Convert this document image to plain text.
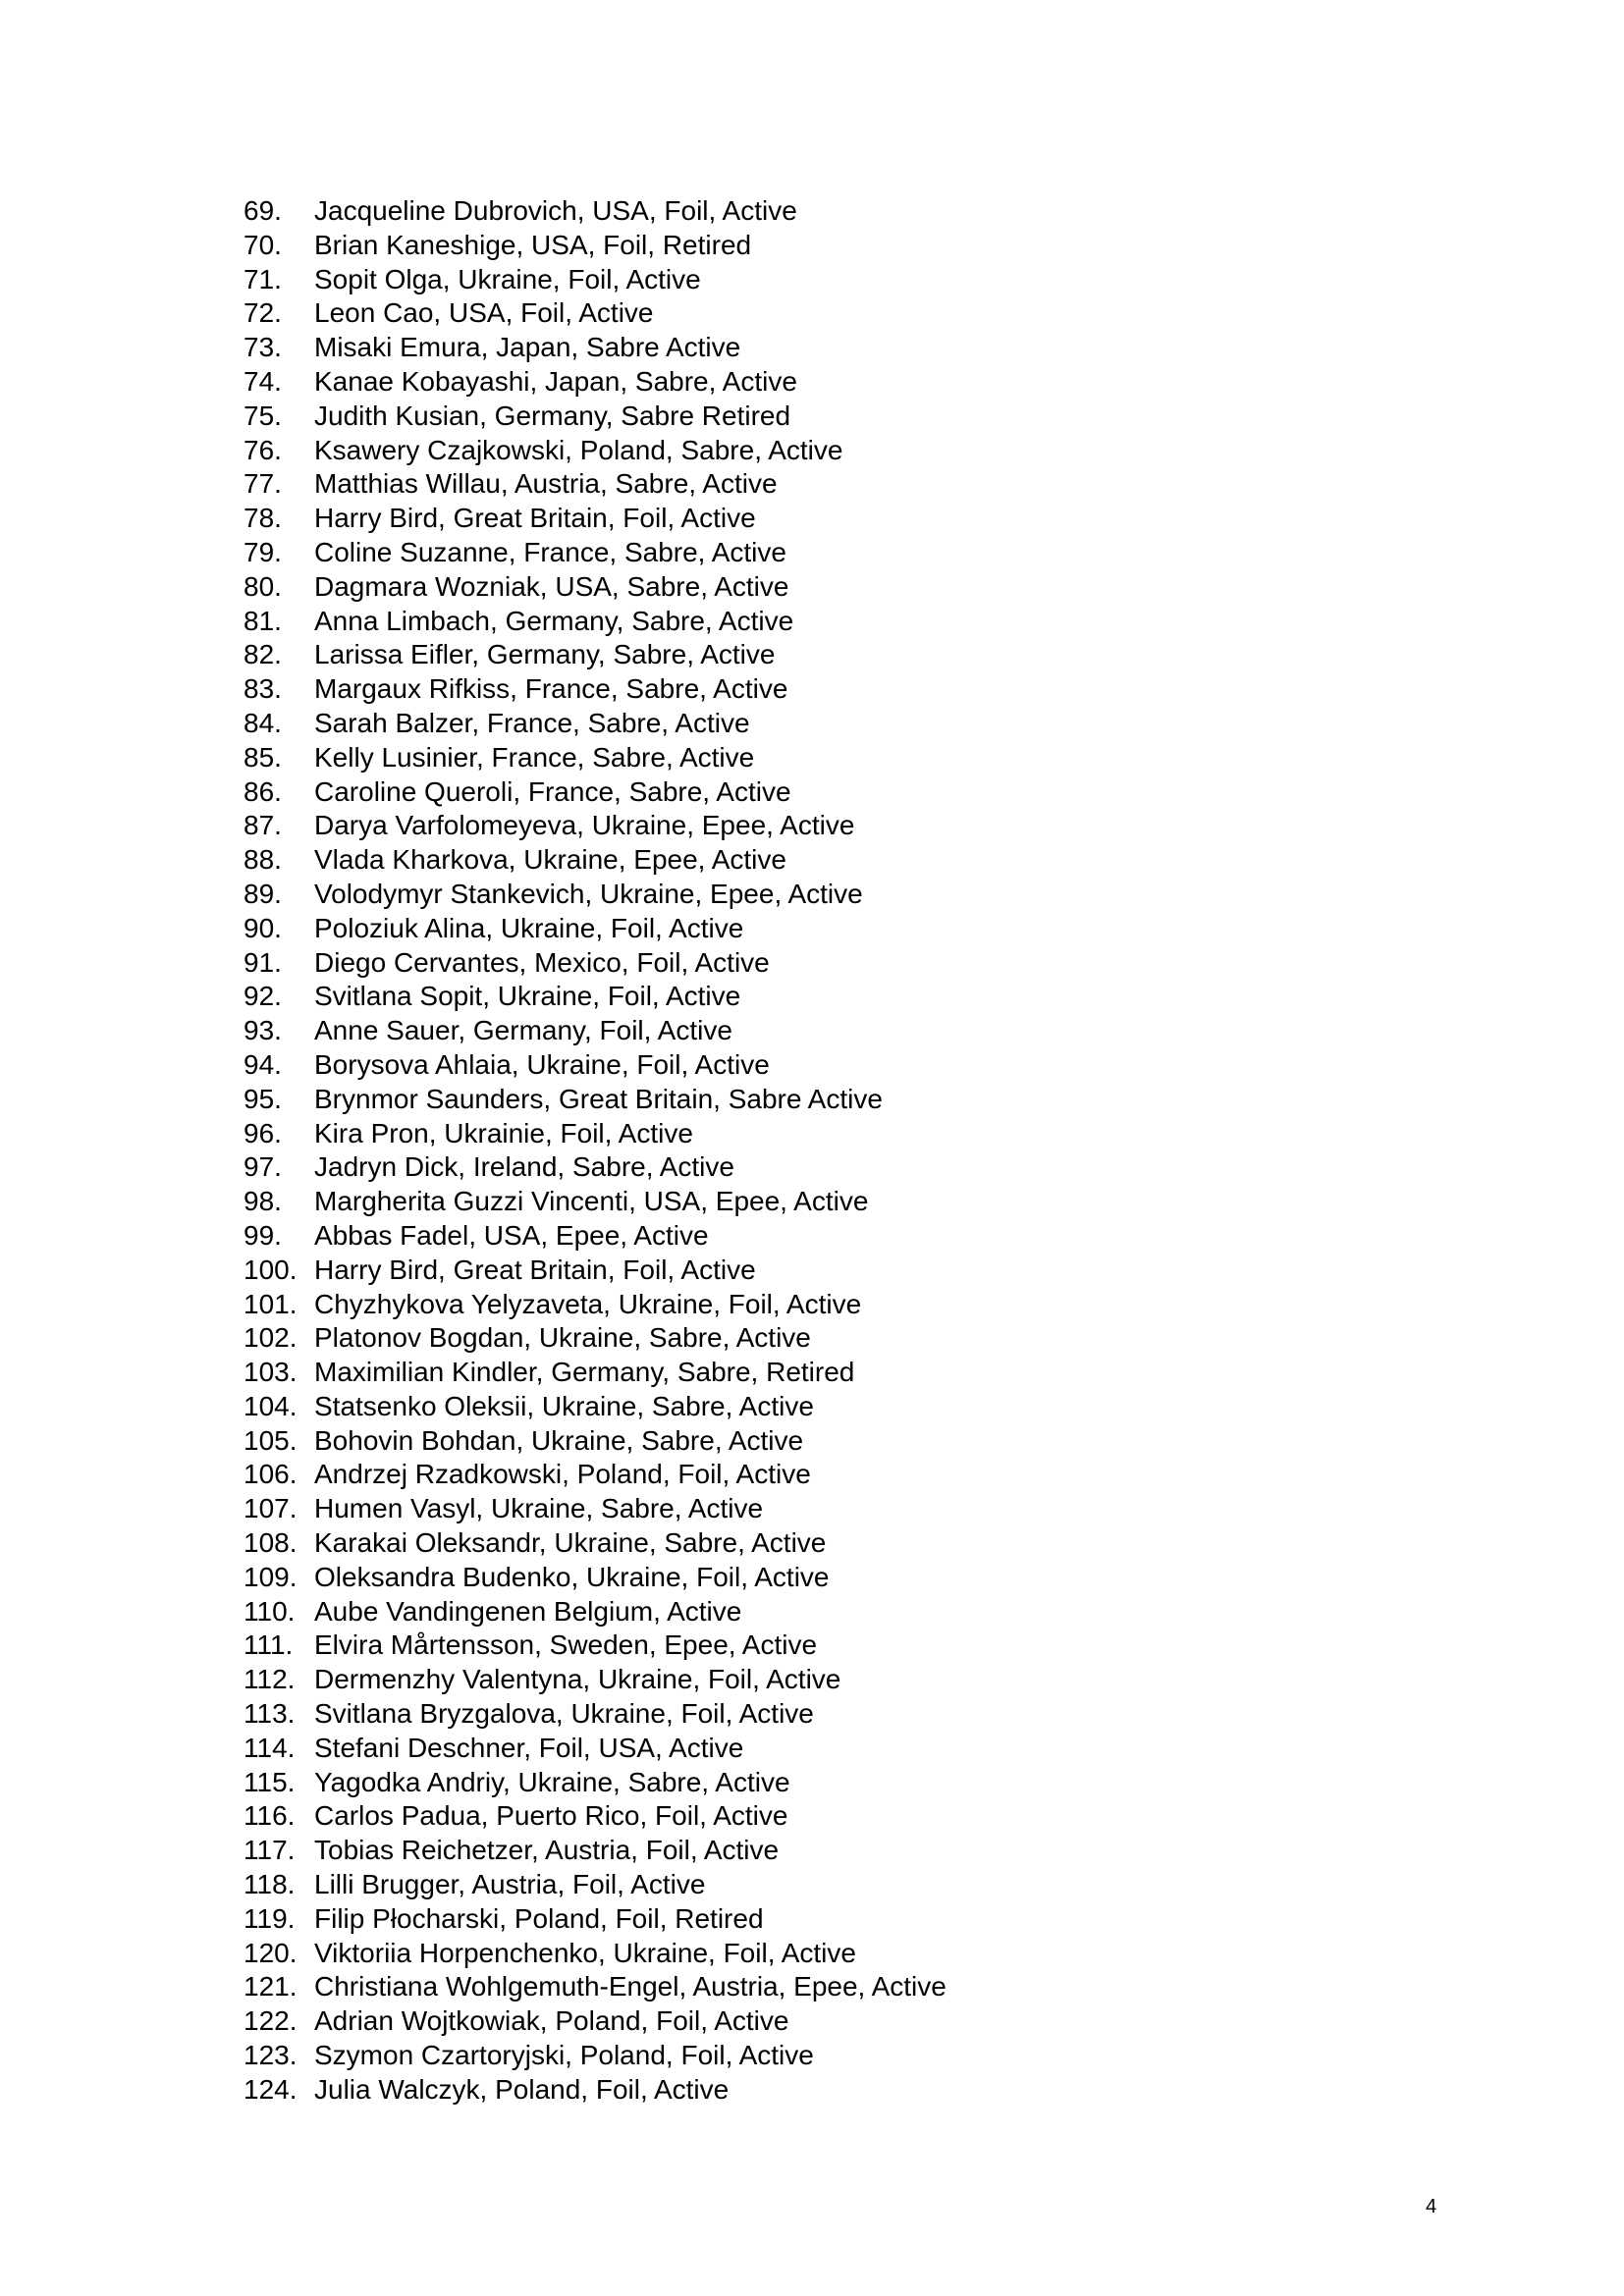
69.	Jacqueline Dubrovich, USA, Foil, Active
70.	Brian Kaneshige, USA, Foil, Retired
71.	Sopit Olga, Ukraine, Foil, Active
72.	Leon Cao, USA, Foil, Active
73.	Misaki Emura, Japan, Sabre Active
74.	Kanae Kobayashi, Japan, Sabre, Active
75.	Judith Kusian, Germany, Sabre Retired
76.	Ksawery Czajkowski, Poland, Sabre, Active
77.	Matthias Willau, Austria, Sabre, Active
78.	Harry Bird, Great Britain, Foil, Active
79.	Coline Suzanne, France, Sabre, Active
80.	Dagmara Wozniak, USA, Sabre, Active
81.	Anna Limbach, Germany, Sabre, Active
82.	Larissa Eifler, Germany, Sabre, Active
83.	Margaux Rifkiss, France, Sabre, Active
84.	Sarah Balzer, France, Sabre, Active
85.	Kelly Lusinier, France, Sabre, Active
86.	Caroline Queroli, France, Sabre, Active
87.	Darya Varfolomeyeva, Ukraine, Epee, Active
88.	Vlada Kharkova, Ukraine, Epee, Active
89.	Volodymyr Stankevich, Ukraine, Epee, Active
90.	Poloziuk Alina, Ukraine, Foil, Active
91.	Diego Cervantes, Mexico, Foil, Active
92.	Svitlana Sopit, Ukraine, Foil, Active
93.	Anne Sauer, Germany, Foil, Active
94.	Borysova Ahlaia, Ukraine, Foil, Active
95.	Brynmor Saunders, Great Britain, Sabre Active
96.	Kira Pron, Ukrainie, Foil, Active
97.	Jadryn Dick, Ireland, Sabre, Active
98.	Margherita Guzzi Vincenti, USA, Epee, Active
99.	Abbas Fadel, USA, Epee, Active
100. Harry Bird, Great Britain, Foil, Active
101. Chyzhykova Yelyzaveta, Ukraine, Foil, Active
102. Platonov Bogdan, Ukraine, Sabre, Active
103. Maximilian Kindler, Germany, Sabre, Retired
104. Statsenko Oleksii, Ukraine, Sabre, Active
105. Bohovin Bohdan, Ukraine, Sabre, Active
106. Andrzej Rzadkowski, Poland, Foil, Active
107. Humen Vasyl, Ukraine, Sabre, Active
108. Karakai Oleksandr, Ukraine, Sabre, Active
109. Oleksandra Budenko, Ukraine, Foil, Active
110. Aube Vandingenen Belgium, Active
111. Elvira Mårtensson, Sweden, Epee, Active
112. Dermenzhy Valentyna, Ukraine, Foil, Active
113. Svitlana Bryzgalova, Ukraine, Foil, Active
114. Stefani Deschner, Foil, USA, Active
115. Yagodka Andriy, Ukraine, Sabre, Active
116. Carlos Padua, Puerto Rico, Foil, Active
117. Tobias Reichetzer, Austria, Foil, Active
118. Lilli Brugger, Austria, Foil, Active
119. Filip Płocharski, Poland, Foil, Retired
120. Viktoriia Horpenchenko, Ukraine, Foil, Active
121. Christiana Wohlgemuth-Engel, Austria, Epee, Active
122. Adrian Wojtkowiak, Poland, Foil, Active
123. Szymon Czartoryjski, Poland, Foil, Active
124. Julia Walczyk, Poland, Foil, Active
4
